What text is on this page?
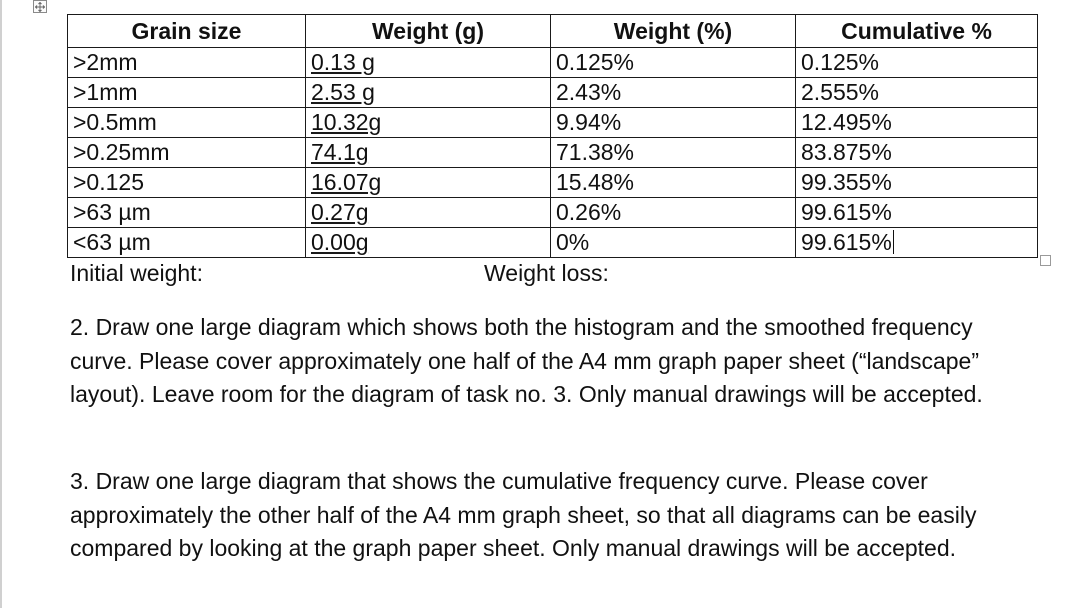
Grain size	Weight (g)	Weight (%)	Cumulative %
>2mm	0.13 g	0.125%	0.125%
>1mm	2.53 g	2.43%	2.555%
>0.5mm	10.32g	9.94%	12.495%
>0.25mm	74.1g	71.38%	83.875%
>0.125	16.07g	15.48%	99.355%
>63 µm	0.27g	0.26%	99.615%
<63 µm	0.00g	0%	99.615%
Initial weight:	Weight loss:

2. Draw one large diagram which shows both the histogram and the smoothed frequency curve. Please cover approximately one half of the A4 mm graph paper sheet (“landscape” layout). Leave room for the diagram of task no. 3. Only manual drawings will be accepted.

3. Draw one large diagram that shows the cumulative frequency curve. Please cover approximately the other half of the A4 mm graph sheet, so that all diagrams can be easily compared by looking at the graph paper sheet. Only manual drawings will be accepted.
